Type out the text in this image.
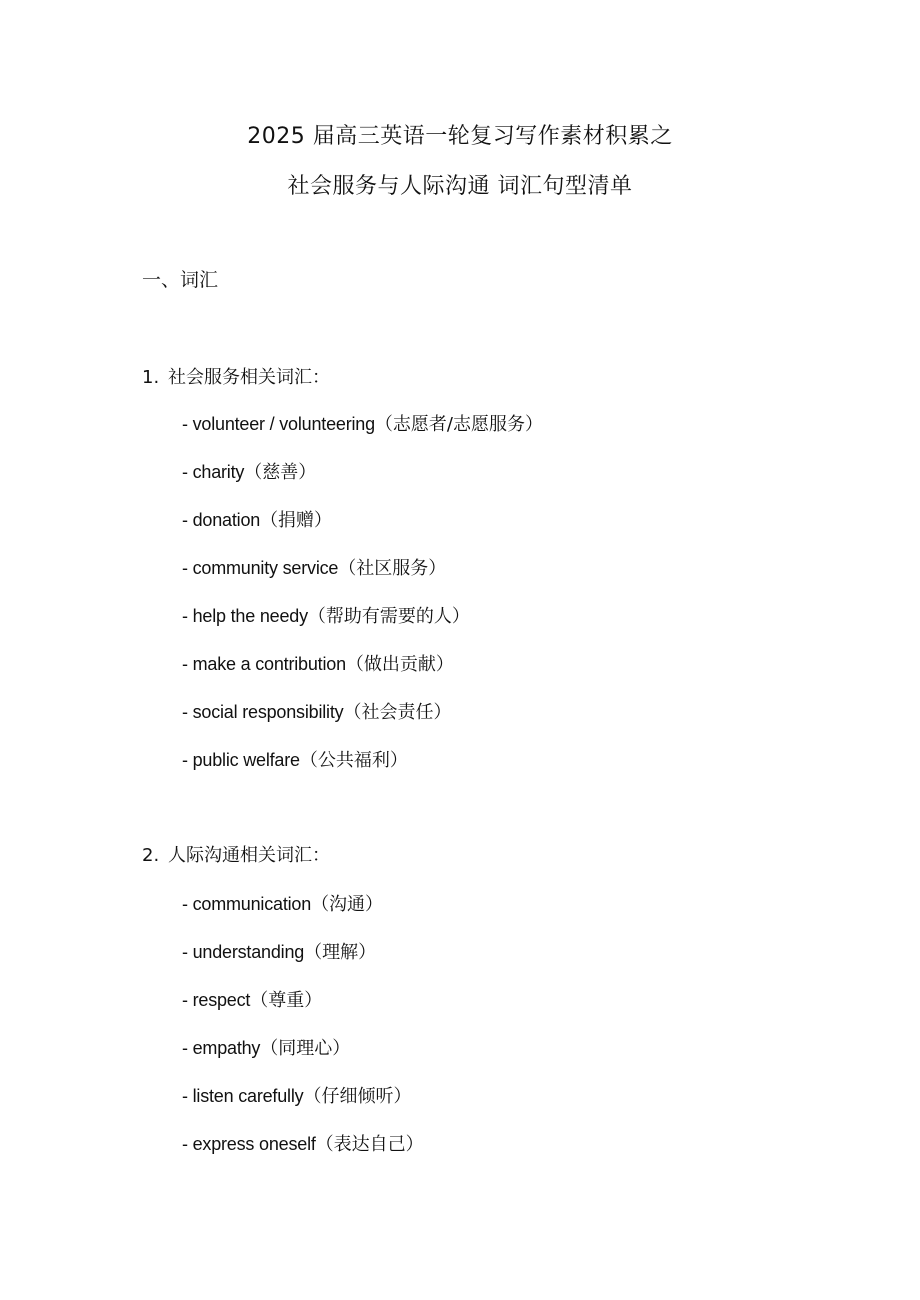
2025 届高三英语一轮复习写作素材积累之
社会服务与人际沟通 词汇句型清单
一、词汇
1. 社会服务相关词汇：
- volunteer / volunteering（志愿者/志愿服务）
- charity（慈善）
- donation（捐赠）
- community service（社区服务）
- help the needy（帮助有需要的人）
- make a contribution（做出贡献）
- social responsibility（社会责任）
- public welfare（公共福利）
2. 人际沟通相关词汇：
- communication（沟通）
- understanding（理解）
- respect（尊重）
- empathy（同理心）
- listen carefully（仔细倾听）
- express oneself（表达自己）
